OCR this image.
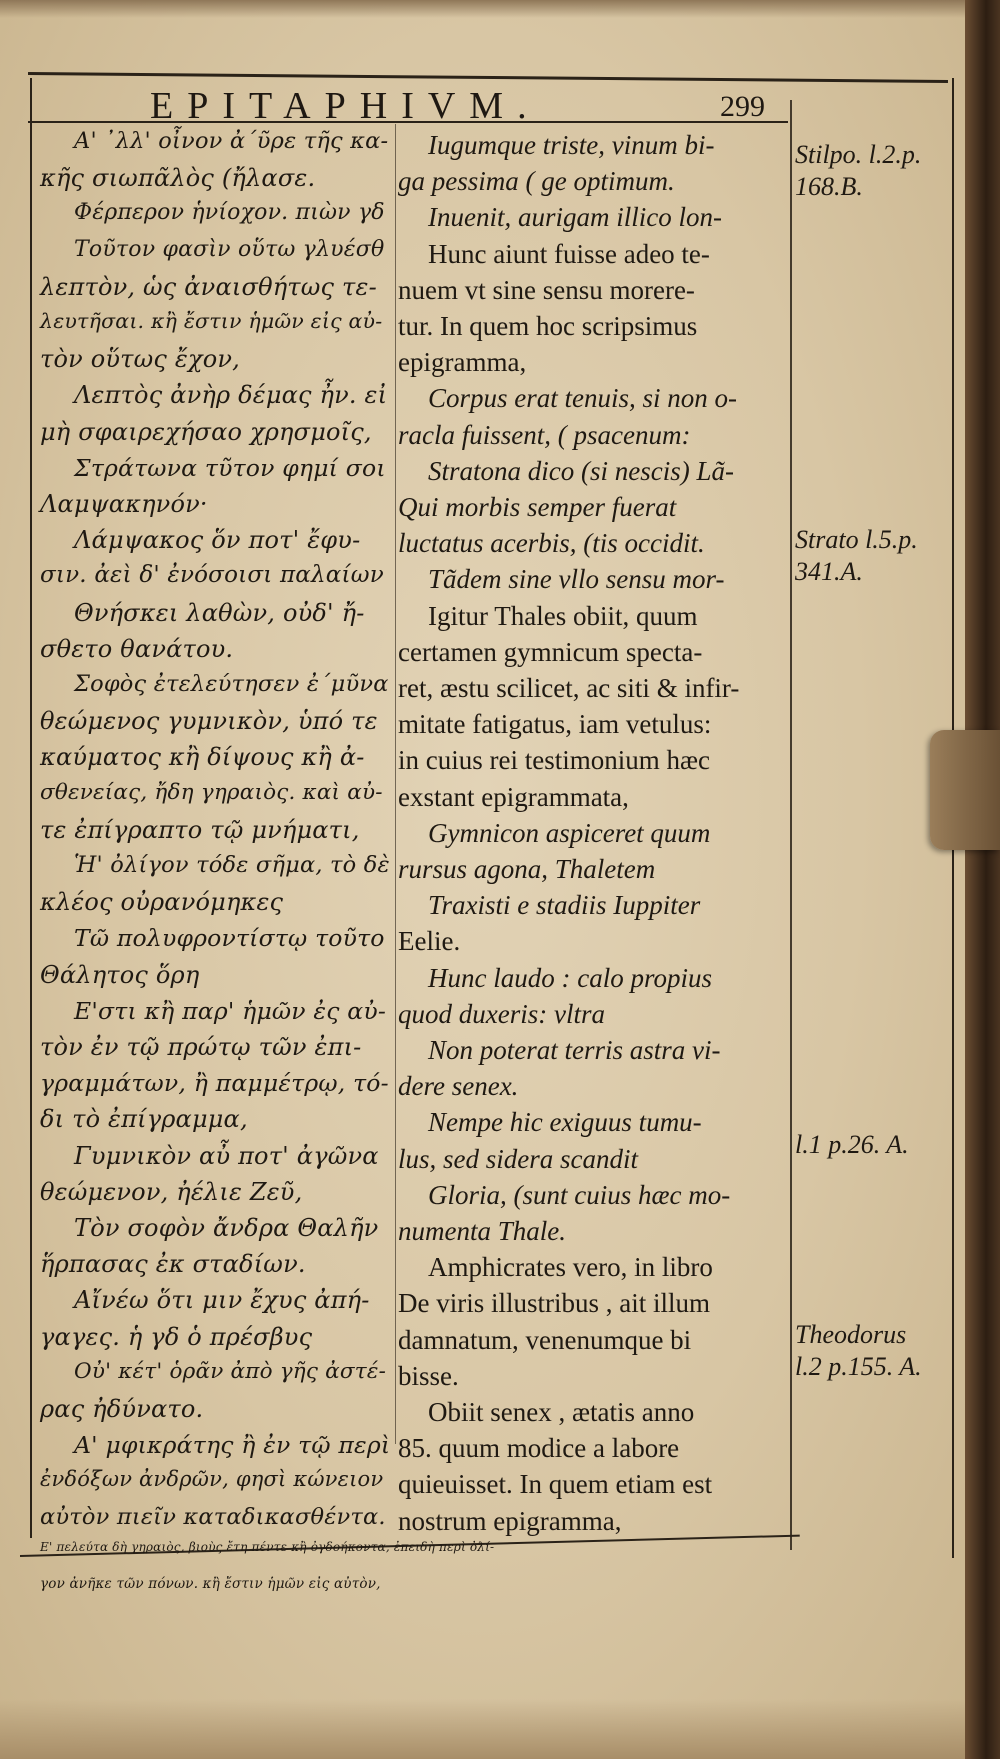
EPITAPHIVM.	299
Α' ᾽λλ' οἶνον ἀ΄ῦρε τῆς κα-
κῆς σιωπᾶλὸς (ἤλασε.
Φέρπερον ἡνίοχον. πιὼν γδ
Τοῦτον φασὶν οὕτω γλυέσθ
λεπτὸν, ὡς ἀναισθήτως τε-
λευτῆσαι. κἢ ἔστιν ἡμῶν εἰς αὐ-
τὸν οὕτως ἔχον,
Λεπτὸς ἀνὴρ δέμας ἦν. εἰ
μὴ σφαιρεχήσαο χρησμοῖς,
Στράτωνα τῦτον φημί σοι
Λαμψακηνόν·
Λάμψακος ὅν ποτ' ἔφυ-
σιν. ἀεὶ δ' ἐνόσοισι παλαίων
Θνήσκει λαθὼν, οὐδ' ἤ-
σθετο θανάτου.
Σοφὸς ἐτελεύτησεν ἐ΄μῦνα
θεώμενος γυμνικὸν, ὑπό τε
καύματος κἢ δίψους κἢ ἀ-
σθενείας, ἤδη γηραιὸς. καὶ αὐ-
τε ἐπίγραπτο τῷ μνήματι,
Ἡ' ὀλίγον τόδε σῆμα, τὸ δὲ
κλέος οὐρανόμηκες
Τῶ πολυφροντίστῳ τοῦτο
Θάλητος ὅρη
Ε'στι κἢ παρ' ἡμῶν ἐς αὐ-
τὸν ἐν τῷ πρώτῳ τῶν ἐπι-
γραμμάτων, ἢ παμμέτρῳ, τό-
δι τὸ ἐπίγραμμα,
Γυμνικὸν αὖ ποτ' ἀγῶνα
θεώμενον, ἠέλιε Ζεῦ,
Τὸν σοφὸν ἄνδρα Θαλῆν
ἥρπασας ἐκ σταδίων.
Αἴνέω ὅτι μιν ἔχυς ἀπή-
γαγες. ἡ γδ ὁ πρέσβυς
Οὐ' κέτ' ὁρᾶν ἀπὸ γῆς ἀστέ-
ρας ἠδύνατο.
Α' μφικράτης ἢ ἐν τῷ περὶ
ἐνδόξων ἀνδρῶν, φησὶ κώνειον
αὐτὸν πιεῖν καταδικασθέντα.
Ε' πελεύτα δὴ γηραιὸς, βιοὺς ἔτη πέντε κἢ ὀγδοήκοντα, ἐπειδὴ περὶ ὀλί-
γον ἀνῆκε τῶν πόνων. κἢ ἔστιν ἡμῶν εἰς αὐτὸν,
Iugumque triste, vinum bi-
ga pessima ( ge optimum.
Inuenit, aurigam illico lon-
Hunc aiunt fuisse adeo te-
nuem vt sine sensu morere-
tur. In quem hoc scripsimus
epigramma,
Corpus erat tenuis, si non o-
racla fuissent, ( psacenum:
Stratona dico (si nescis) Lã-
Qui morbis semper fuerat
luctatus acerbis, (tis occidit.
Tãdem sine vllo sensu mor-
Igitur Thales obiit, quum
certamen gymnicum specta-
ret, æstu scilicet, ac siti & infir-
mitate fatigatus, iam vetulus:
in cuius rei testimonium hæc
exstant epigrammata,
Gymnicon aspiceret quum
rursus agona, Thaletem
Traxisti e stadiis Iuppiter
Eelie.
Hunc laudo : calo propius
quod duxeris: vltra
Non poterat terris astra vi-
dere senex.
Nempe hic exiguus tumu-
lus, sed sidera scandit
Gloria, (sunt cuius hæc mo-
numenta Thale.
Amphicrates vero, in libro
De viris illustribus , ait illum
damnatum, venenumque bi
bisse.
Obiit senex , ætatis anno
85. quum modice a labore
quieuisset. In quem etiam est
nostrum epigramma,
Stilpo. l.2.p.
168.B.
Strato l.5.p.
341.A.
l.1 p.26. A.
Theodorus
l.2 p.155. A.
